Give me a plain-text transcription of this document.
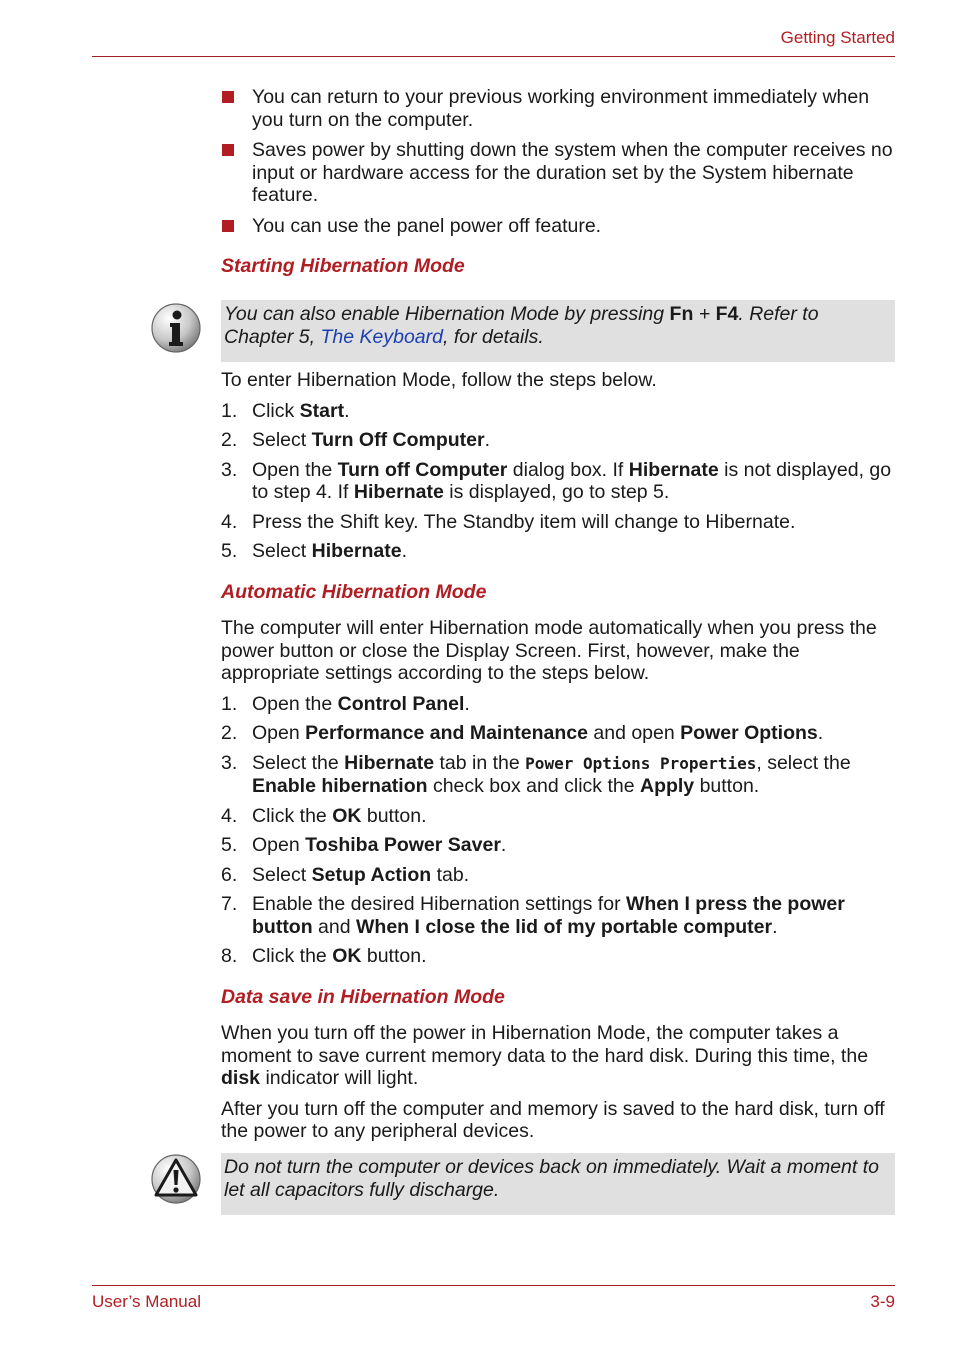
Getting Started
You can also enable Hibernation Mode by pressing Fn + F4. Refer to Chapter 5, The Keyboard, for details.
Do not turn the computer or devices back on immediately. Wait a moment to let all capacitors fully discharge.
You can return to your previous working environment immediately when you turn on the computer.
Saves power by shutting down the system when the computer receives no input or hardware access for the duration set by the System hibernate feature.
You can use the panel power off feature.
Starting Hibernation Mode

To enter Hibernation Mode, follow the steps below.

1. Click Start.
2. Select Turn Off Computer.
3. Open the Turn off Computer dialog box. If Hibernate is not displayed, go to step 4. If Hibernate is displayed, go to step 5.
4. Press the Shift key. The Standby item will change to Hibernate.
5. Select Hibernate.
Automatic Hibernation Mode

The computer will enter Hibernation mode automatically when you press the power button or close the Display Screen. First, however, make the appropriate settings according to the steps below.

1. Open the Control Panel.
2. Open Performance and Maintenance and open Power Options.
3. Select the Hibernate tab in the Power Options Properties, select the Enable hibernation check box and click the Apply button.
4. Click the OK button.
5. Open Toshiba Power Saver.
6. Select Setup Action tab.
7. Enable the desired Hibernation settings for When I press the power button and When I close the lid of my portable computer.
8. Click the OK button.
Data save in Hibernation Mode

When you turn off the power in Hibernation Mode, the computer takes a moment to save current memory data to the hard disk. During this time, the disk indicator will light.

After you turn off the computer and memory is saved to the hard disk, turn off the power to any peripheral devices.

User’s Manual	3-9
